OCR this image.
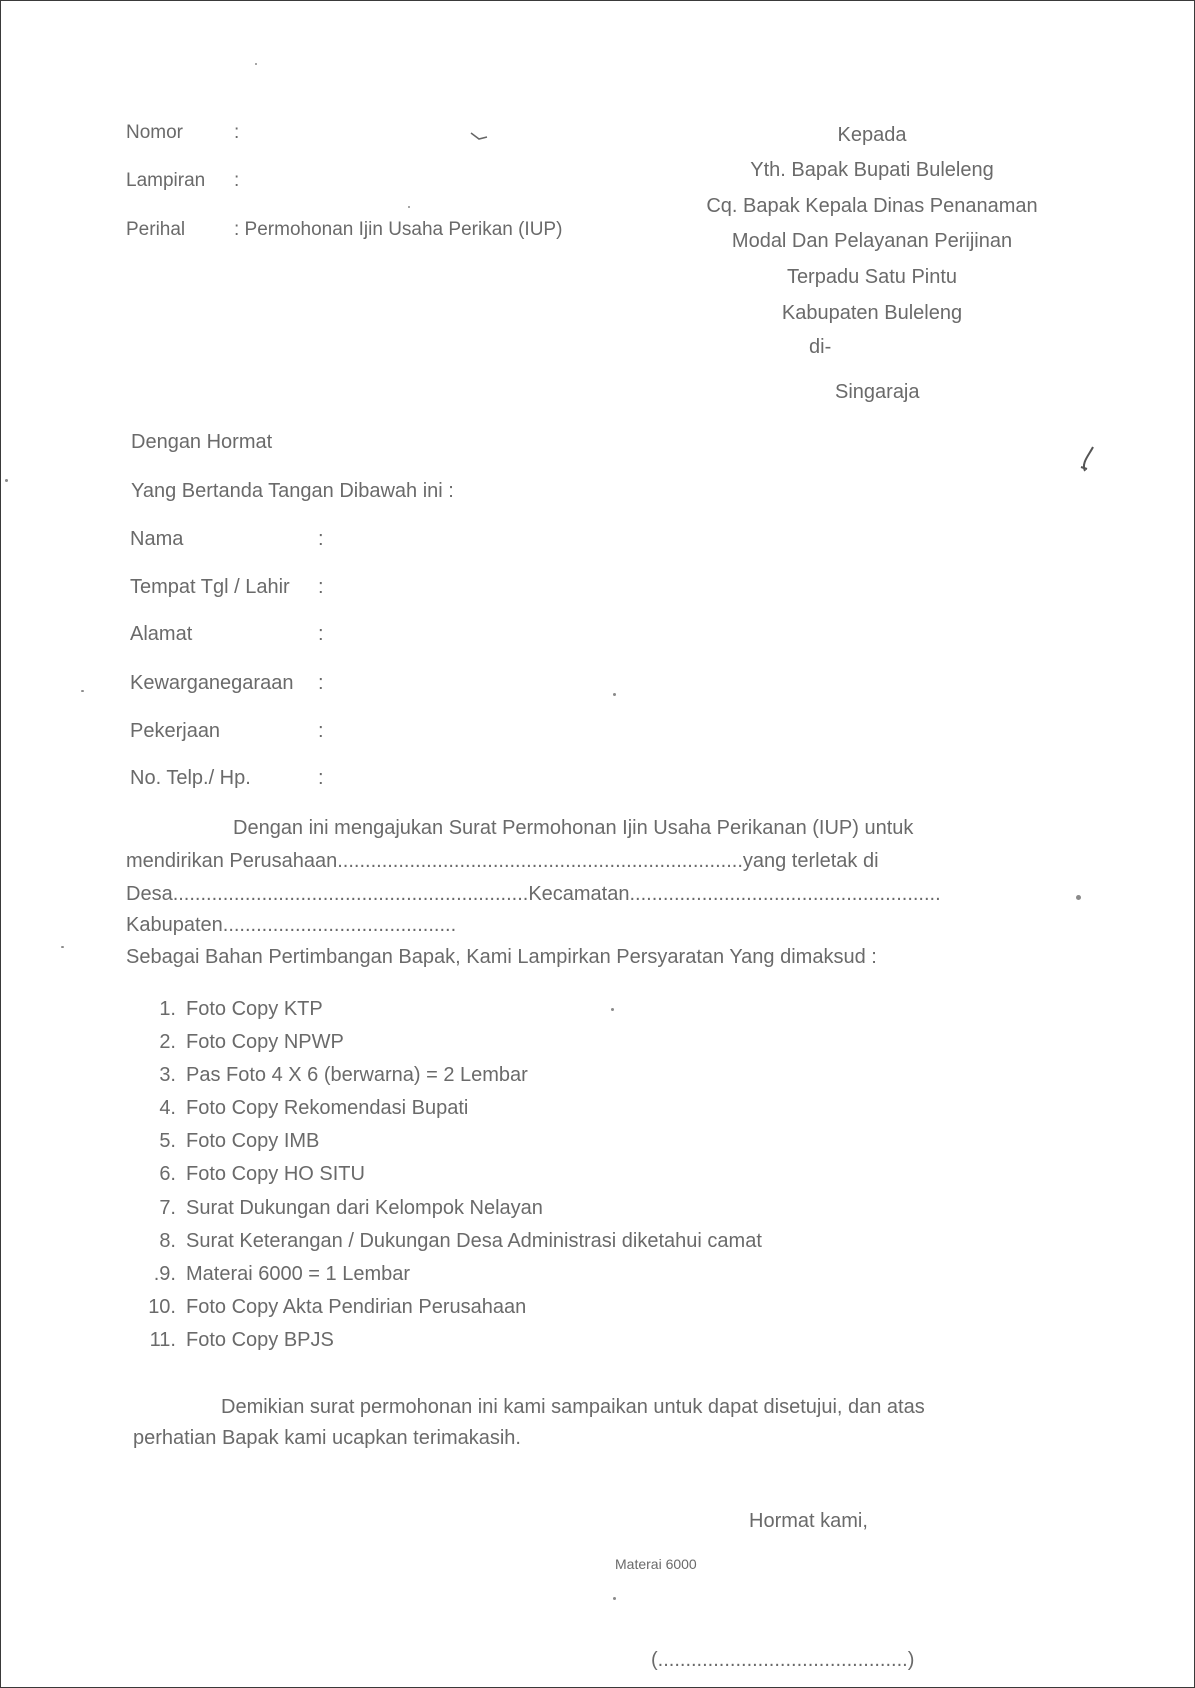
Nomor	:
Lampiran :
Perihal	: Permohonan Ijin Usaha Perikan (IUP)
Kepada
Yth. Bapak Bupati Buleleng
Cq. Bapak Kepala Dinas Penanaman
Modal Dan Pelayanan Perijinan
Terpadu Satu Pintu
Kabupaten Buleleng
di-
Singaraja
Dengan Hormat
Yang Bertanda Tangan Dibawah ini :
Nama	:
Tempat Tgl / Lahir :
Alamat	:
Kewarganegaraan :
Pekerjaan	:
No. Telp./ Hp.	:
Dengan ini mengajukan Surat Permohonan Ijin Usaha Perikanan (IUP) untuk
mendirikan Perusahaan.........................................................................yang terletak di
Desa................................................................Kecamatan........................................................
Kabupaten..........................................
Sebagai Bahan Pertimbangan Bapak, Kami Lampirkan Persyaratan Yang dimaksud :
1. Foto Copy KTP
2. Foto Copy NPWP
3. Pas Foto 4 X 6 (berwarna) = 2 Lembar
4. Foto Copy Rekomendasi Bupati
5. Foto Copy IMB
6. Foto Copy HO SITU
7. Surat Dukungan dari Kelompok Nelayan
8. Surat Keterangan / Dukungan Desa Administrasi diketahui camat
.9. Materai 6000 = 1 Lembar
10. Foto Copy Akta Pendirian Perusahaan
11. Foto Copy BPJS
Demikian surat permohonan ini kami sampaikan untuk dapat disetujui, dan atas
perhatian Bapak kami ucapkan terimakasih.
Hormat kami,
Materai 6000
(.............................................)
